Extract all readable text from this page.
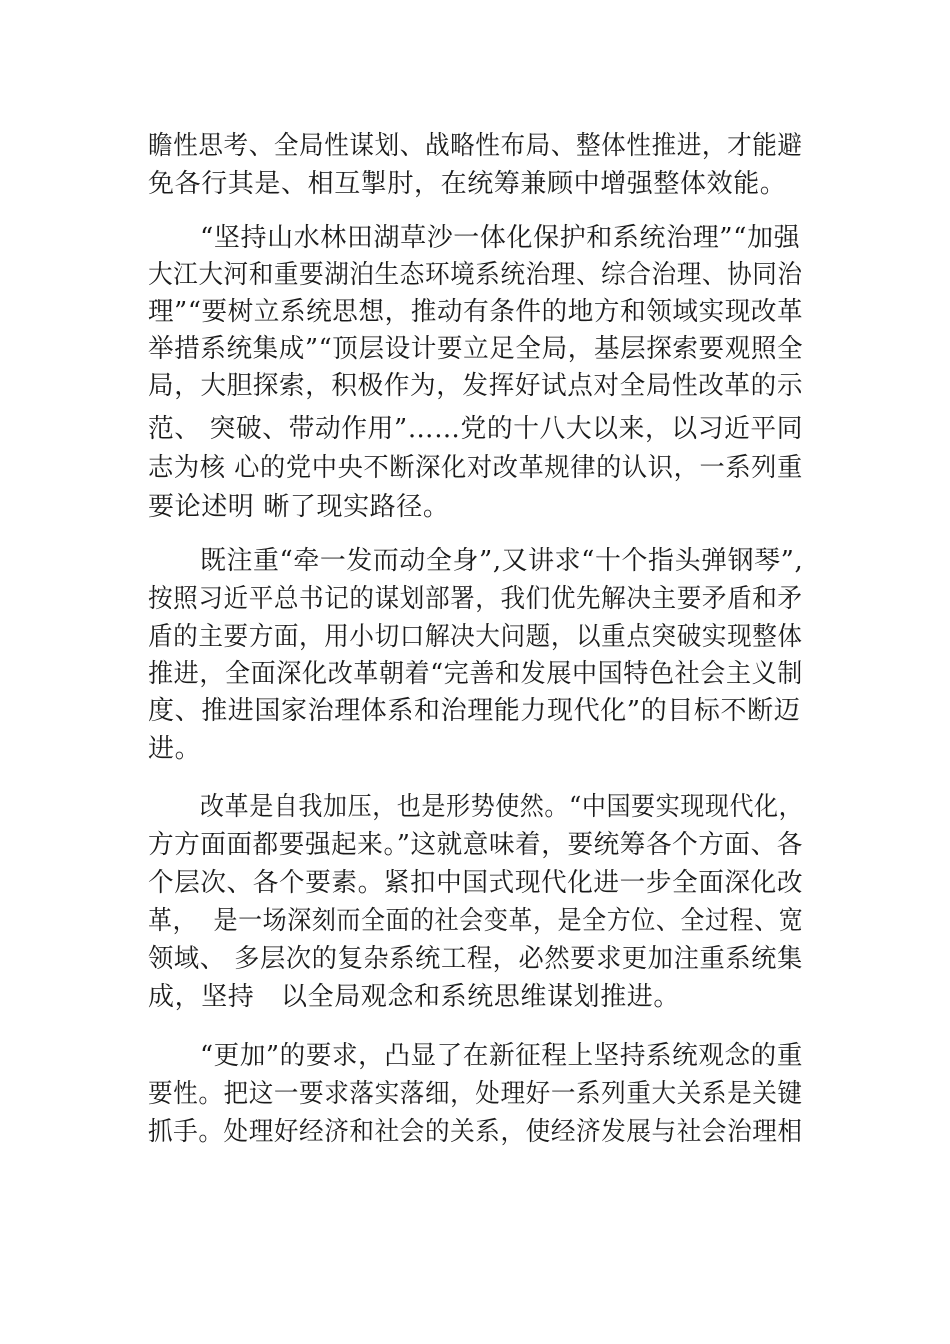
瞻性思考、全局性谋划、战略性布局、整体性推进，才能避
免各行其是、相互掣肘，在统筹兼顾中增强整体效能。
“坚持山水林田湖草沙一体化保护和系统治理”“加强
大江大河和重要湖泊生态环境系统治理、综合治理、协同治
理”“要树立系统思想，推动有条件的地方和领域实现改革
举措系统集成”“顶层设计要立足全局，基层探索要观照全
局，大胆探索，积极作为，发挥好试点对全局性改革的示
范、 突破、带动作用”……党的十八大以来，以习近平同
志为核 心的党中央不断深化对改革规律的认识，一系列重
要论述明 晰了现实路径。
既注重“牵一发而动全身”,又讲求“十个指头弹钢琴”,
按照习近平总书记的谋划部署，我们优先解决主要矛盾和矛
盾的主要方面，用小切口解决大问题，以重点突破实现整体
推进，全面深化改革朝着“完善和发展中国特色社会主义制
度、推进国家治理体系和治理能力现代化”的目标不断迈
进。
改革是自我加压，也是形势使然。“中国要实现现代化，
方方面面都要强起来。”这就意味着，要统筹各个方面、各
个层次、各个要素。紧扣中国式现代化进一步全面深化改
革，  是一场深刻而全面的社会变革，是全方位、全过程、宽
领域、 多层次的复杂系统工程，必然要求更加注重系统集
成，坚持   以全局观念和系统思维谋划推进。
“更加”的要求，凸显了在新征程上坚持系统观念的重
要性。把这一要求落实落细，处理好一系列重大关系是关键
抓手。处理好经济和社会的关系，使经济发展与社会治理相
